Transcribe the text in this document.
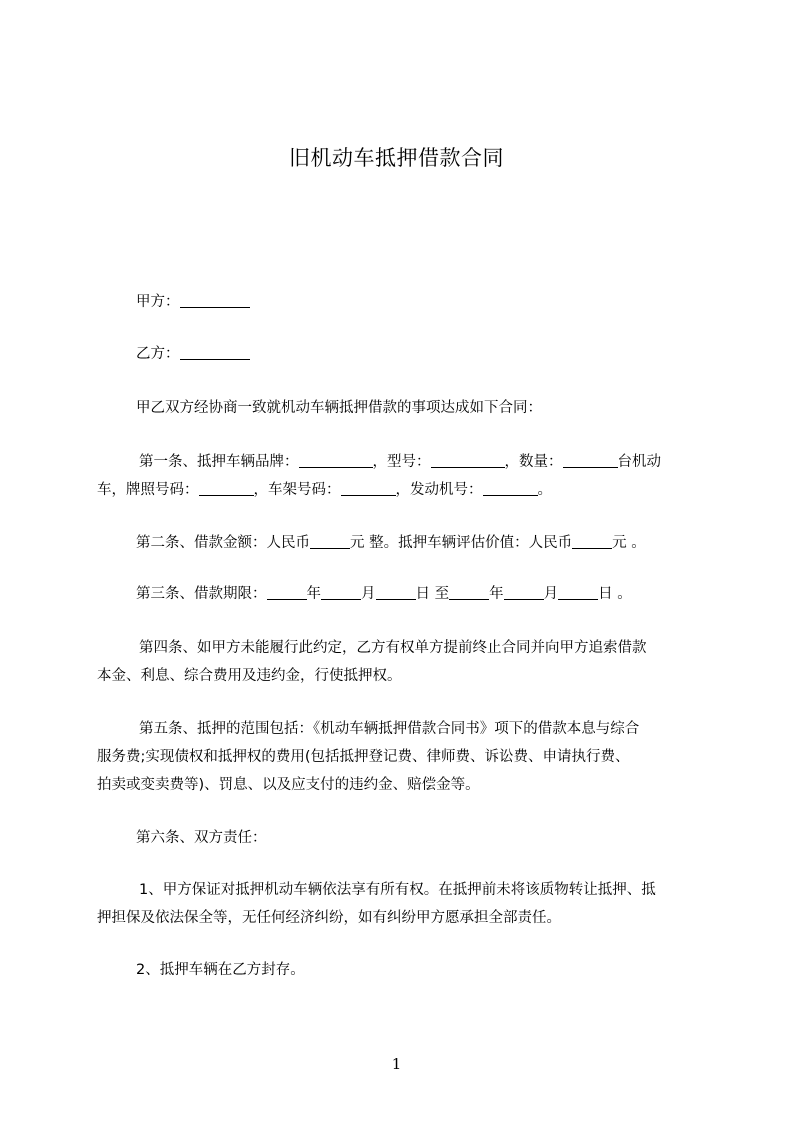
旧机动车抵押借款合同
甲方：
乙方：
甲乙双方经协商一致就机动车辆抵押借款的事项达成如下合同：
第一条、抵押车辆品牌：	，型号：	，数量：	台机动
车，牌照号码：	，车架号码：	，发动机号：	。
第二条、借款金额：人民币	元 整。抵押车辆评估价值：人民币	元 。
第三条、借款期限：	年	月	日 至	年	月	日 。
第四条、如甲方未能履行此约定，乙方有权单方提前终止合同并向甲方追索借款
本金、利息、综合费用及违约金，行使抵押权。
第五条、抵押的范围包括：《机动车辆抵押借款合同书》项下的借款本息与综合
服务费;实现债权和抵押权的费用(包括抵押登记费、律师费、诉讼费、申请执行费、
拍卖或变卖费等)、罚息、以及应支付的违约金、赔偿金等。
第六条、双方责任：
1、甲方保证对抵押机动车辆依法享有所有权。在抵押前未将该质物转让抵押、抵
押担保及依法保全等，无任何经济纠纷，如有纠纷甲方愿承担全部责任。
2、抵押车辆在乙方封存。
1
